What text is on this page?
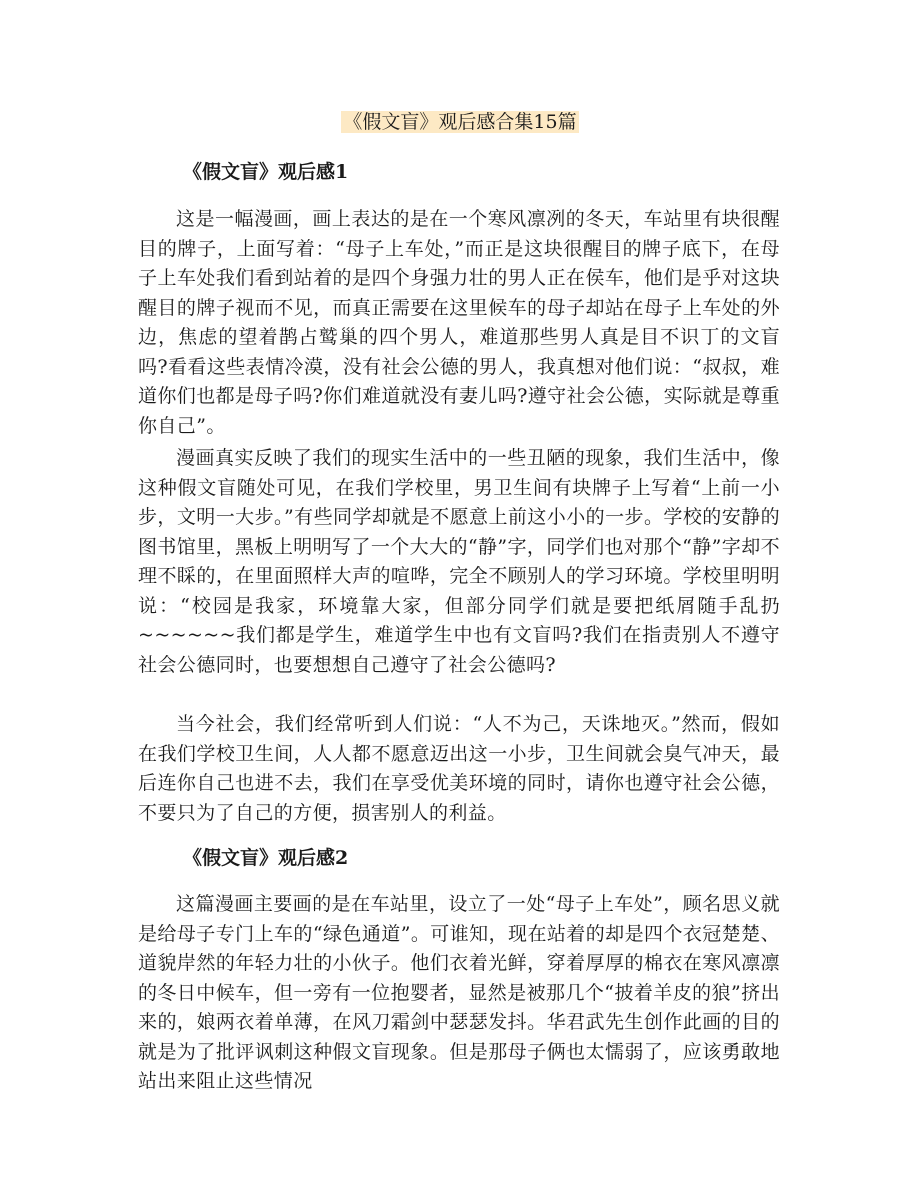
《假文盲》观后感合集15篇
《假文盲》观后感1

这是一幅漫画，画上表达的是在一个寒风凛冽的冬天，车站里有块很醒目的牌子，上面写着：“母子上车处，”而正是这块很醒目的牌子底下，在母子上车处我们看到站着的是四个身强力壮的男人正在侯车，他们是乎对这块醒目的牌子视而不见，而真正需要在这里候车的母子却站在母子上车处的外边，焦虑的望着鹊占鹫巢的四个男人，难道那些男人真是目不识丁的文盲吗?看看这些表情冷漠，没有社会公德的男人，我真想对他们说：“叔叔，难道你们也都是母子吗?你们难道就没有妻儿吗?遵守社会公德，实际就是尊重你自己”。

漫画真实反映了我们的现实生活中的一些丑陋的现象，我们生活中，像这种假文盲随处可见，在我们学校里，男卫生间有块牌子上写着“上前一小步，文明一大步。”有些同学却就是不愿意上前这小小的一步。学校的安静的图书馆里，黑板上明明写了一个大大的“静”字，同学们也对那个“静”字却不理不睬的，在里面照样大声的喧哗，完全不顾别人的学习环境。学校里明明说：“校园是我家，环境靠大家，但部分同学们就是要把纸屑随手乱扔~~~~~~我们都是学生，难道学生中也有文盲吗?我们在指责别人不遵守社会公德同时，也要想想自己遵守了社会公德吗?

当今社会，我们经常听到人们说：“人不为己，天诛地灭。”然而，假如在我们学校卫生间，人人都不愿意迈出这一小步，卫生间就会臭气冲天，最后连你自己也进不去，我们在享受优美环境的同时，请你也遵守社会公德，不要只为了自己的方便，损害别人的利益。

《假文盲》观后感2

这篇漫画主要画的是在车站里，设立了一处“母子上车处”，顾名思义就是给母子专门上车的“绿色通道”。可谁知，现在站着的却是四个衣冠楚楚、道貌岸然的年轻力壮的小伙子。他们衣着光鲜，穿着厚厚的棉衣在寒风凛凛的冬日中候车，但一旁有一位抱婴者，显然是被那几个“披着羊皮的狼”挤出来的，娘两衣着单薄，在风刀霜剑中瑟瑟发抖。华君武先生创作此画的目的就是为了批评讽刺这种假文盲现象。但是那母子俩也太懦弱了，应该勇敢地站出来阻止这些情况
